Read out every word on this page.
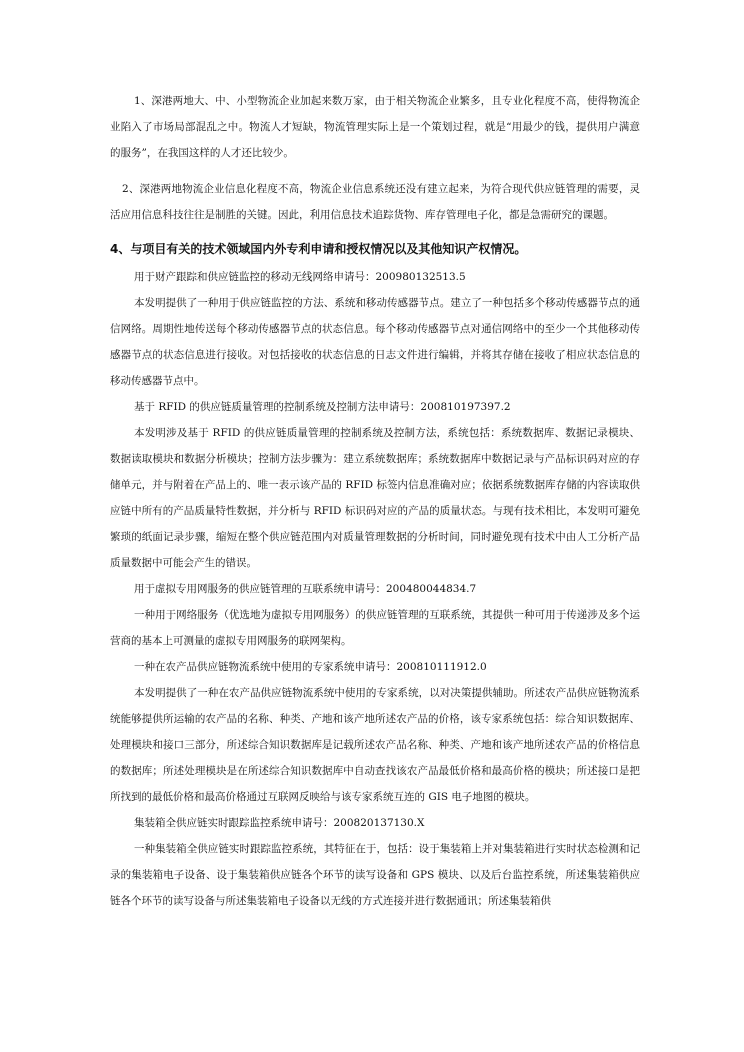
1、深港两地大、中、小型物流企业加起来数万家，由于相关物流企业繁多，且专业化程度不高，使得物流企业陷入了市场局部混乱之中。物流人才短缺，物流管理实际上是一个策划过程，就是“用最少的钱，提供用户满意的服务”，在我国这样的人才还比较少。

2、深港两地物流企业信息化程度不高，物流企业信息系统还没有建立起来，为符合现代供应链管理的需要，灵活应用信息科技往往是制胜的关键。因此，利用信息技术追踪货物、库存管理电子化，都是急需研究的课题。

4、与项目有关的技术领域国内外专利申请和授权情况以及其他知识产权情况。

用于财产跟踪和供应链监控的移动无线网络申请号：200980132513.5

本发明提供了一种用于供应链监控的方法、系统和移动传感器节点。建立了一种包括多个移动传感器节点的通信网络。周期性地传送每个移动传感器节点的状态信息。每个移动传感器节点对通信网络中的至少一个其他移动传感器节点的状态信息进行接收。对包括接收的状态信息的日志文件进行编辑，并将其存储在接收了相应状态信息的移动传感器节点中。

基于 RFID 的供应链质量管理的控制系统及控制方法申请号：200810197397.2

本发明涉及基于 RFID 的供应链质量管理的控制系统及控制方法，系统包括：系统数据库、数据记录模块、数据读取模块和数据分析模块；控制方法步骤为：建立系统数据库；系统数据库中数据记录与产品标识码对应的存储单元，并与附着在产品上的、唯一表示该产品的 RFID 标签内信息准确对应；依据系统数据库存储的内容读取供应链中所有的产品质量特性数据，并分析与 RFID 标识码对应的产品的质量状态。与现有技术相比，本发明可避免繁琐的纸面记录步骤，缩短在整个供应链范围内对质量管理数据的分析时间，同时避免现有技术中由人工分析产品质量数据中可能会产生的错误。

用于虚拟专用网服务的供应链管理的互联系统申请号：200480044834.7

一种用于网络服务（优选地为虚拟专用网服务）的供应链管理的互联系统，其提供一种可用于传递涉及多个运营商的基本上可测量的虚拟专用网服务的联网架构。

一种在农产品供应链物流系统中使用的专家系统申请号：200810111912.0

本发明提供了一种在农产品供应链物流系统中使用的专家系统，以对决策提供辅助。所述农产品供应链物流系统能够提供所运输的农产品的名称、种类、产地和该产地所述农产品的价格，该专家系统包括：综合知识数据库、处理模块和接口三部分，所述综合知识数据库是记载所述农产品名称、种类、产地和该产地所述农产品的价格信息的数据库；所述处理模块是在所述综合知识数据库中自动查找该农产品最低价格和最高价格的模块；所述接口是把所找到的最低价格和最高价格通过互联网反映给与该专家系统互连的 GIS 电子地图的模块。

集装箱全供应链实时跟踪监控系统申请号：200820137130.X

一种集装箱全供应链实时跟踪监控系统，其特征在于，包括：设于集装箱上并对集装箱进行实时状态检测和记录的集装箱电子设备、设于集装箱供应链各个环节的读写设备和 GPS 模块、以及后台监控系统，所述集装箱供应链各个环节的读写设备与所述集装箱电子设备以无线的方式连接并进行数据通讯；所述集装箱供
